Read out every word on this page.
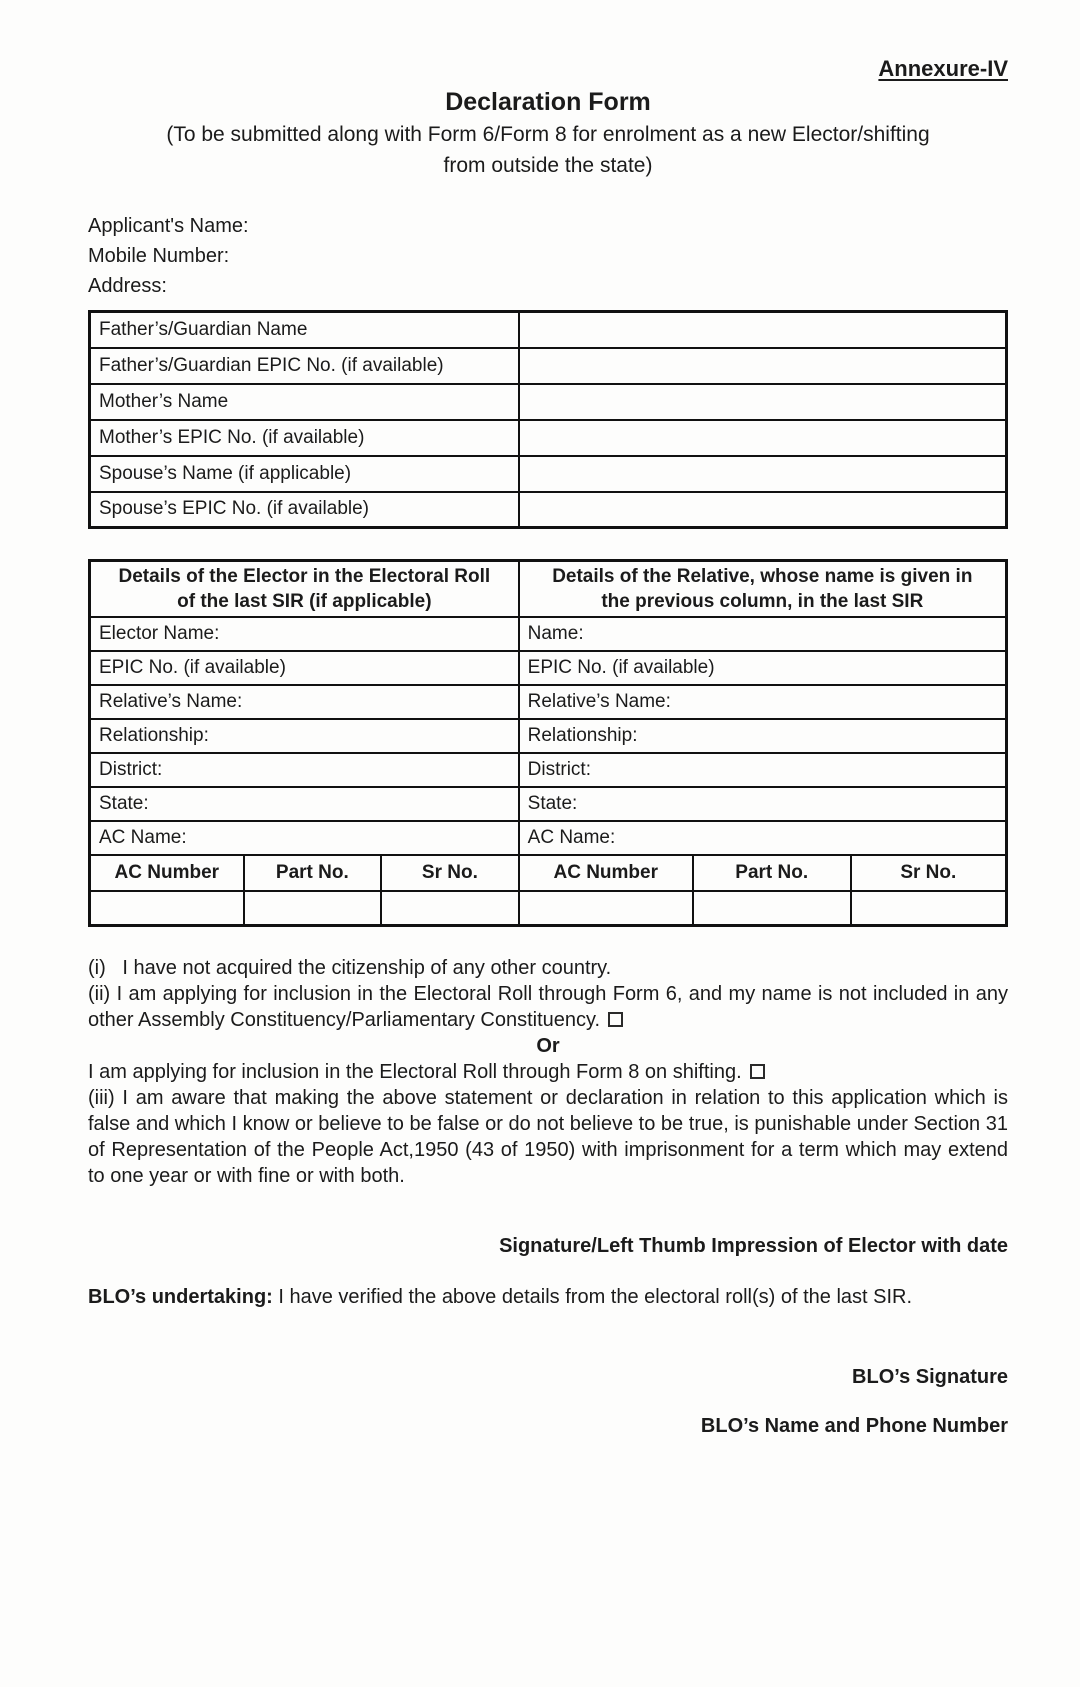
Annexure-IV
Declaration Form
(To be submitted along with Form 6/Form 8 for enrolment as a new Elector/shifting
from outside the state)
Applicant's Name:
Mobile Number:
Address:
Father’s/Guardian Name	
Father’s/Guardian EPIC No. (if available)	
Mother’s Name	
Mother’s EPIC No. (if available)	
Spouse’s Name (if applicable)	
Spouse’s EPIC No. (if available)	
Details of the Elector in the Electoral Roll of the last SIR (if applicable)			Details of the Relative, whose name is given in the previous column, in the last SIR		
Elector Name:			Name:		
EPIC No. (if available)			EPIC No. (if available)		
Relative’s Name:			Relative’s Name:		
Relationship:			Relationship:		
District:			District:		
State:			State:		
AC Name:			AC Name:		
AC Number	Part No.	Sr No.	AC Number	Part No.	Sr No.

(i)   I have not acquired the citizenship of any other country.

(ii) I am applying for inclusion in the Electoral Roll through Form 6, and my name is not included in any other Assembly Constituency/Parliamentary Constituency.

Or

I am applying for inclusion in the Electoral Roll through Form 8 on shifting.

(iii) I am aware that making the above statement or declaration in relation to this application which is false and which I know or believe to be false or do not believe to be true, is punishable under Section 31 of Representation of the People Act,1950 (43 of 1950) with imprisonment for a term which may extend to one year or with fine or with both.

Signature/Left Thumb Impression of Elector with date
BLO’s undertaking: I have verified the above details from the electoral roll(s) of the last SIR.
BLO’s Signature
BLO’s Name and Phone Number
